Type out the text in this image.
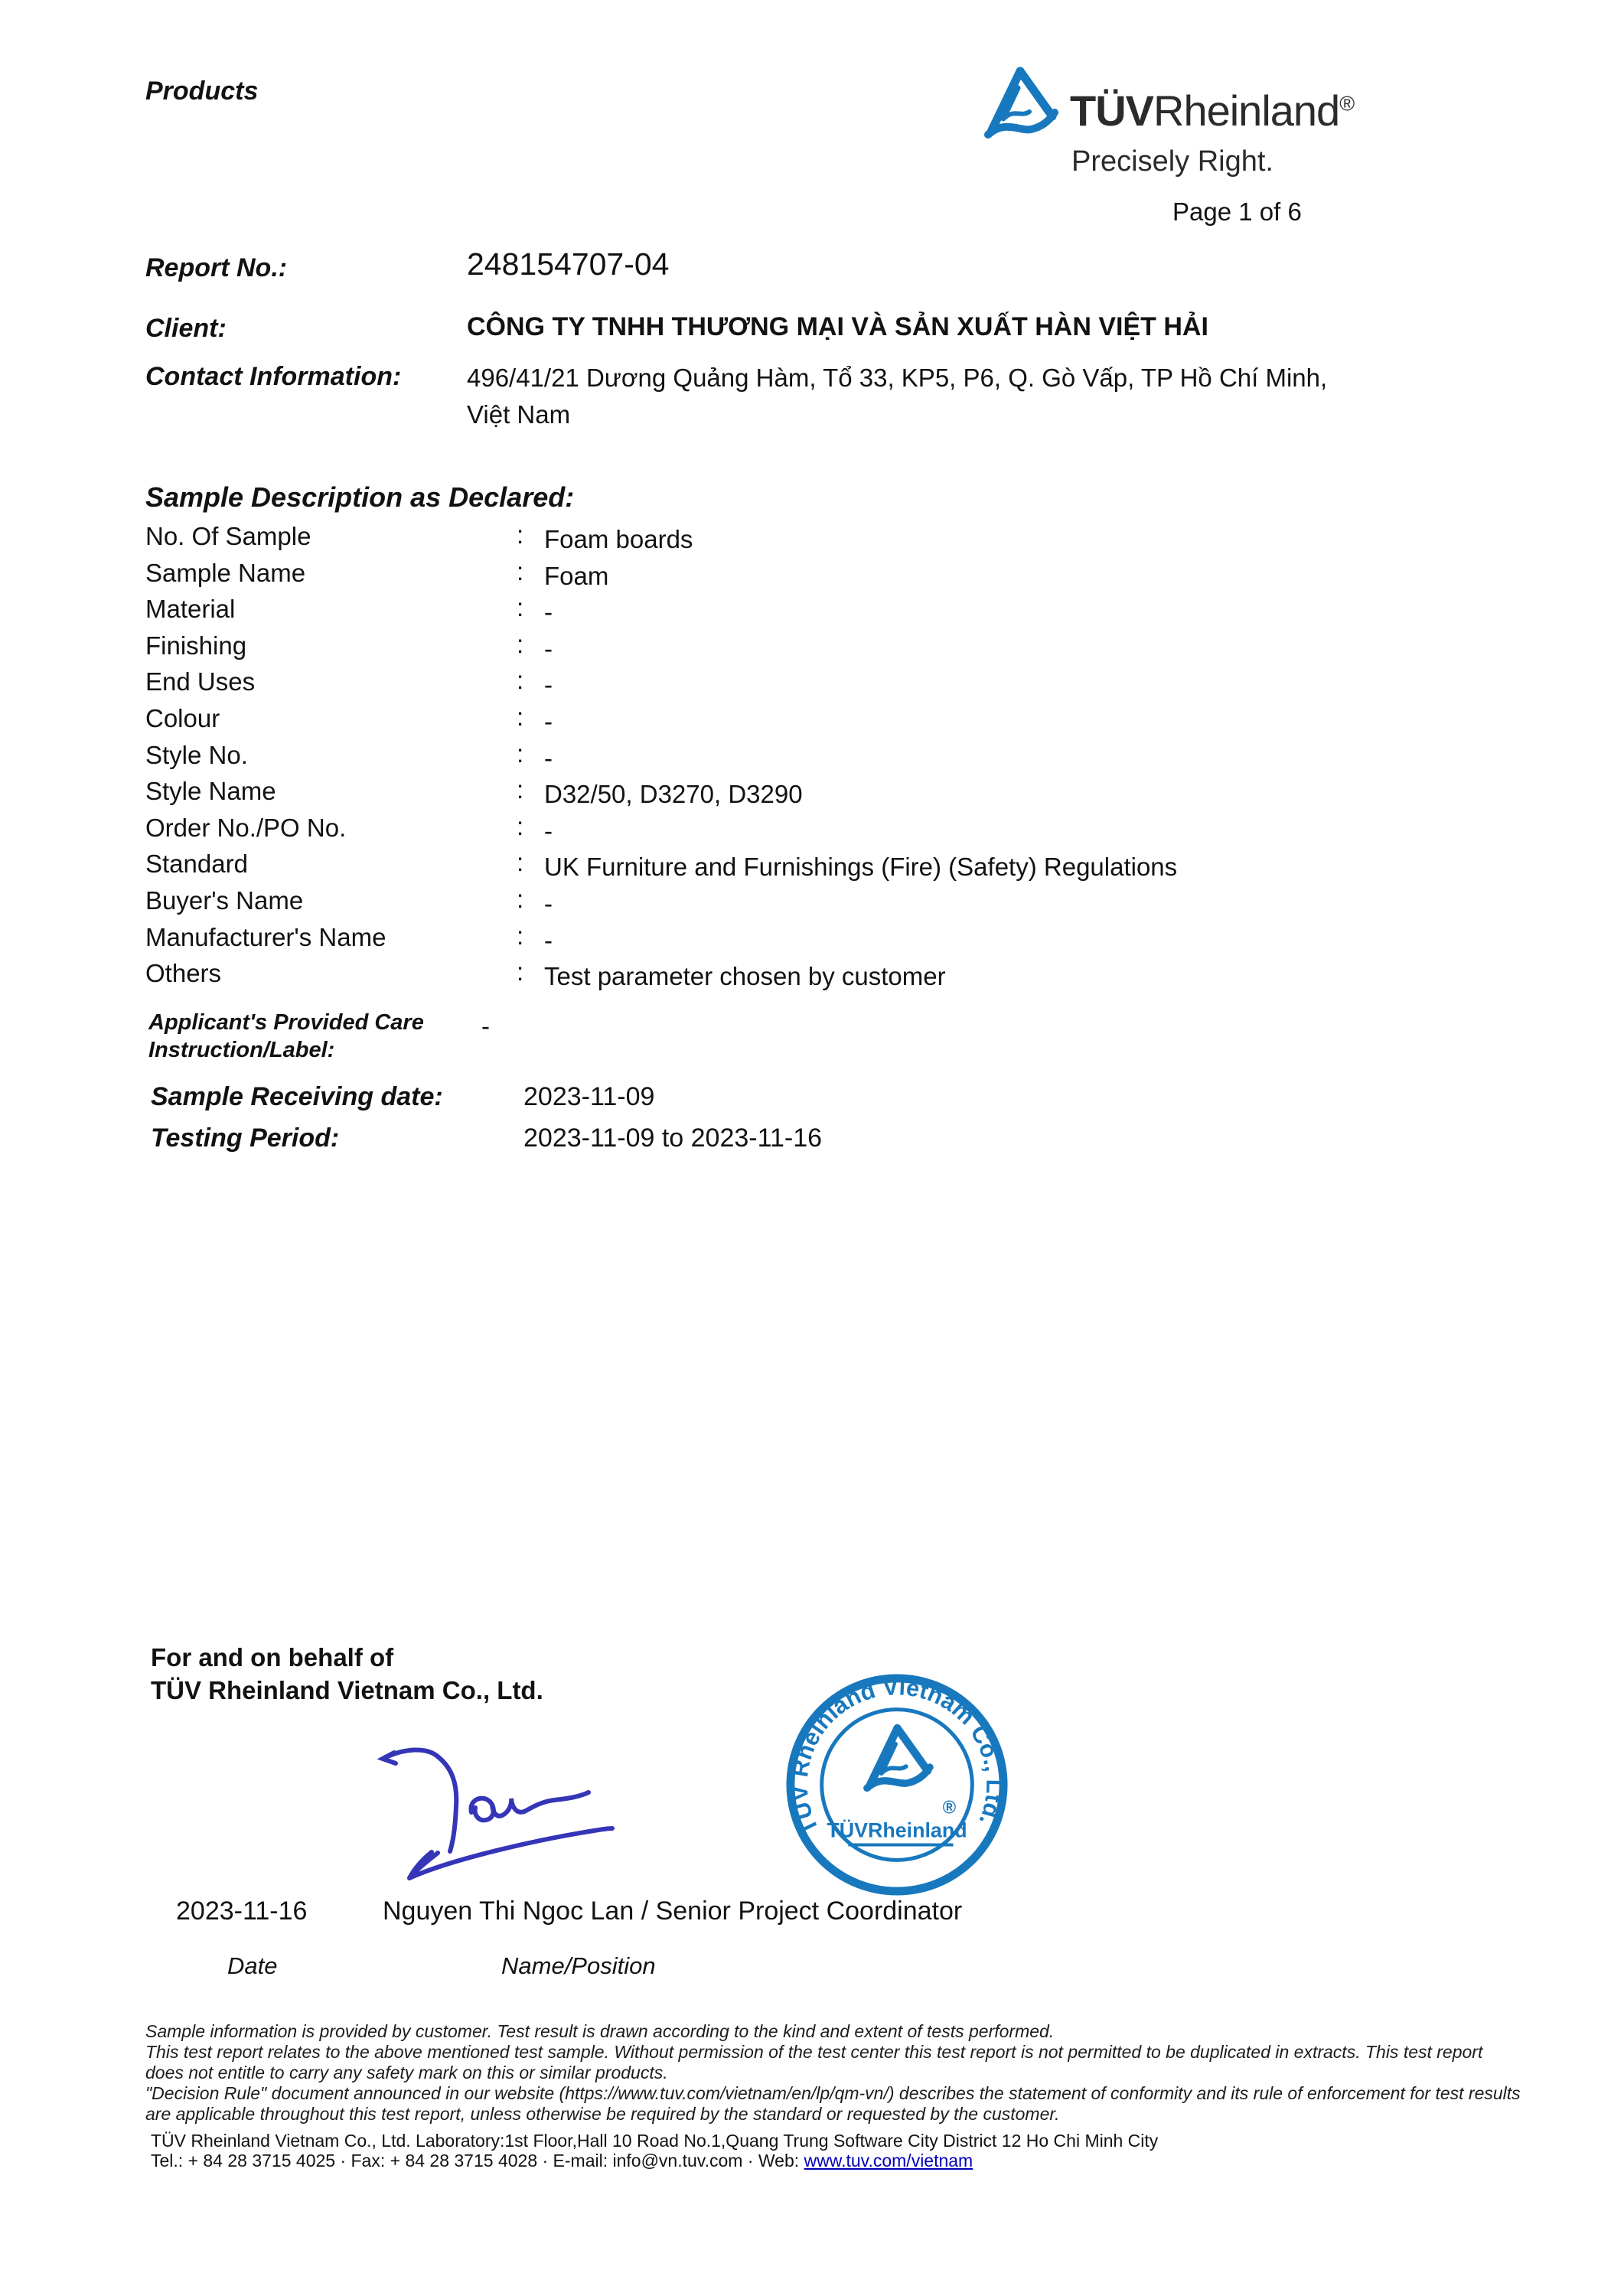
Products	TÜVRheinland®
Precisely Right.
Page 1 of 6
Report No.:	248154707-04
Client:	CÔNG TY TNHH THƯƠNG MẠI VÀ SẢN XUẤT HÀN VIỆT HẢI
Contact Information:	496/41/21 Dương Quảng Hàm, Tổ 33, KP5, P6, Q. Gò Vấp, TP Hồ Chí Minh,
Việt Nam
Sample Description as Declared:
No. Of Sample	: Foam boards
Sample Name	: Foam
Material	: -
Finishing	: -
End Uses	: -
Colour	: -
Style No.	: -
Style Name	: D32/50, D3270, D3290
Order No./PO No.	: -
Standard	: UK Furniture and Furnishings (Fire) (Safety) Regulations
Buyer's Name	: -
Manufacturer's Name	: -
Others	: Test parameter chosen by customer
Applicant's Provided Care
Instruction/Label:
-
Sample Receiving date:	2023-11-09
Testing Period:	2023-11-09 to 2023-11-16
For and on behalf of
TÜV Rheinland Vietnam Co., Ltd.
TÜV Rheinland Vietnam Co., Ltd.
®
TÜVRheinland
2023-11-16	Nguyen Thi Ngoc Lan / Senior Project Coordinator
Date	Name/Position
Sample information is provided by customer. Test result is drawn according to the kind and extent of tests performed.
This test report relates to the above mentioned test sample. Without permission of the test center this test report is not permitted to be duplicated in extracts. This test report
does not entitle to carry any safety mark on this or similar products.
"Decision Rule" document announced in our website (https://www.tuv.com/vietnam/en/lp/qm-vn/) describes the statement of conformity and its rule of enforcement for test results
are applicable throughout this test report, unless otherwise be required by the standard or requested by the customer.
TÜV Rheinland Vietnam Co., Ltd. Laboratory:1st Floor,Hall 10 Road No.1,Quang Trung Software City District 12 Ho Chi Minh City
Tel.: + 84 28 3715 4025 · Fax: + 84 28 3715 4028 · E-mail: info@vn.tuv.com · Web: www.tuv.com/vietnam
